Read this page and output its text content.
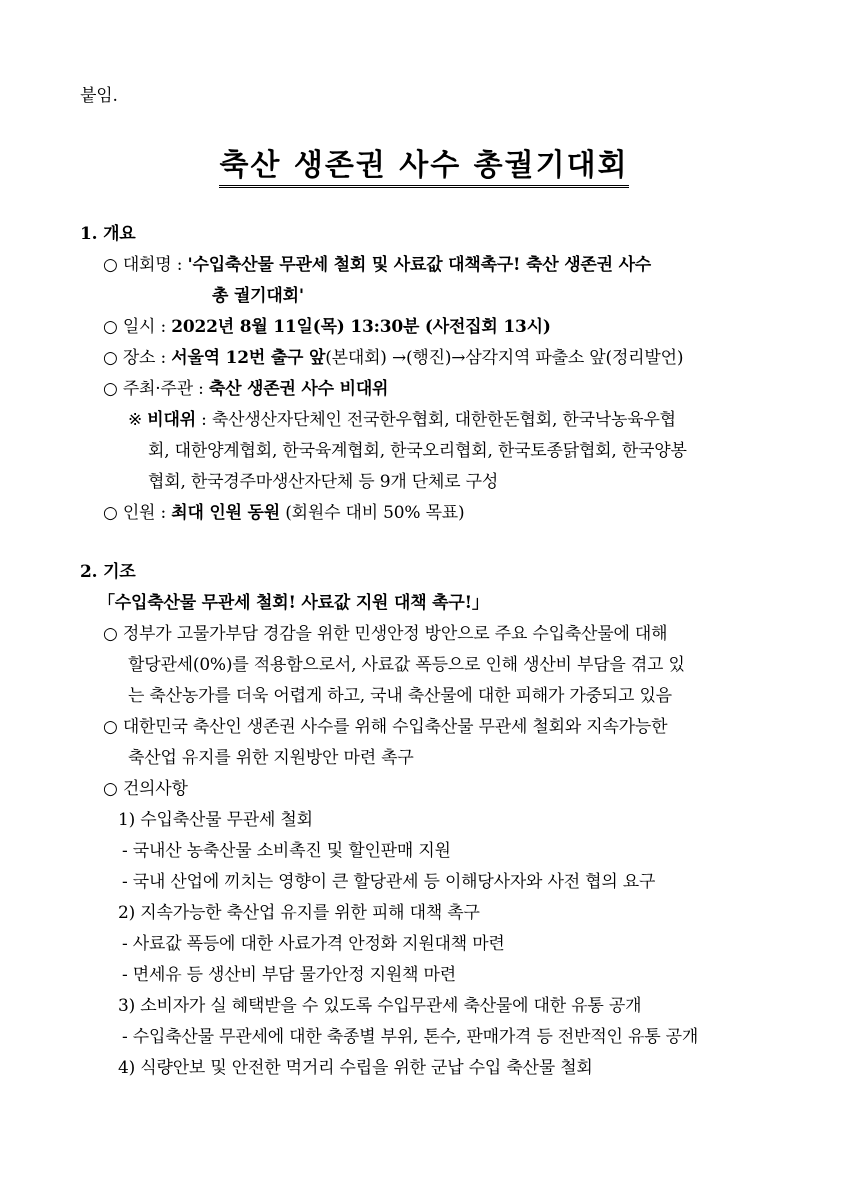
붙임.
축산 생존권 사수 총궐기대회
1. 개요
○ 대회명 : '수입축산물 무관세 철회 및 사료값 대책촉구! 축산 생존권 사수
총 궐기대회'
○ 일시 : 2022년 8월 11일(목) 13:30분 (사전집회 13시)
○ 장소 : 서울역 12번 출구 앞(본대회) →(행진)→삼각지역 파출소 앞(정리발언)
○ 주최·주관 : 축산 생존권 사수 비대위
※ 비대위 : 축산생산자단체인 전국한우협회, 대한한돈협회, 한국낙농육우협
회, 대한양계협회, 한국육계협회, 한국오리협회, 한국토종닭협회, 한국양봉
협회, 한국경주마생산자단체 등 9개 단체로 구성
○ 인원 : 최대 인원 동원 (회원수 대비 50% 목표)
2. 기조
「수입축산물 무관세 철회! 사료값 지원 대책 촉구!」
○ 정부가 고물가부담 경감을 위한 민생안정 방안으로 주요 수입축산물에 대해
할당관세(0%)를 적용함으로서, 사료값 폭등으로 인해 생산비 부담을 겪고 있
는 축산농가를 더욱 어렵게 하고, 국내 축산물에 대한 피해가 가중되고 있음
○ 대한민국 축산인 생존권 사수를 위해 수입축산물 무관세 철회와 지속가능한
축산업 유지를 위한 지원방안 마련 촉구
○ 건의사항
1) 수입축산물 무관세 철회
- 국내산 농축산물 소비촉진 및 할인판매 지원
- 국내 산업에 끼치는 영향이 큰 할당관세 등 이해당사자와 사전 협의 요구
2) 지속가능한 축산업 유지를 위한 피해 대책 촉구
- 사료값 폭등에 대한 사료가격 안정화 지원대책 마련
- 면세유 등 생산비 부담 물가안정 지원책 마련
3) 소비자가 실 혜택받을 수 있도록 수입무관세 축산물에 대한 유통 공개
- 수입축산물 무관세에 대한 축종별 부위, 톤수, 판매가격 등 전반적인 유통 공개
4) 식량안보 및 안전한 먹거리 수립을 위한 군납 수입 축산물 철회
